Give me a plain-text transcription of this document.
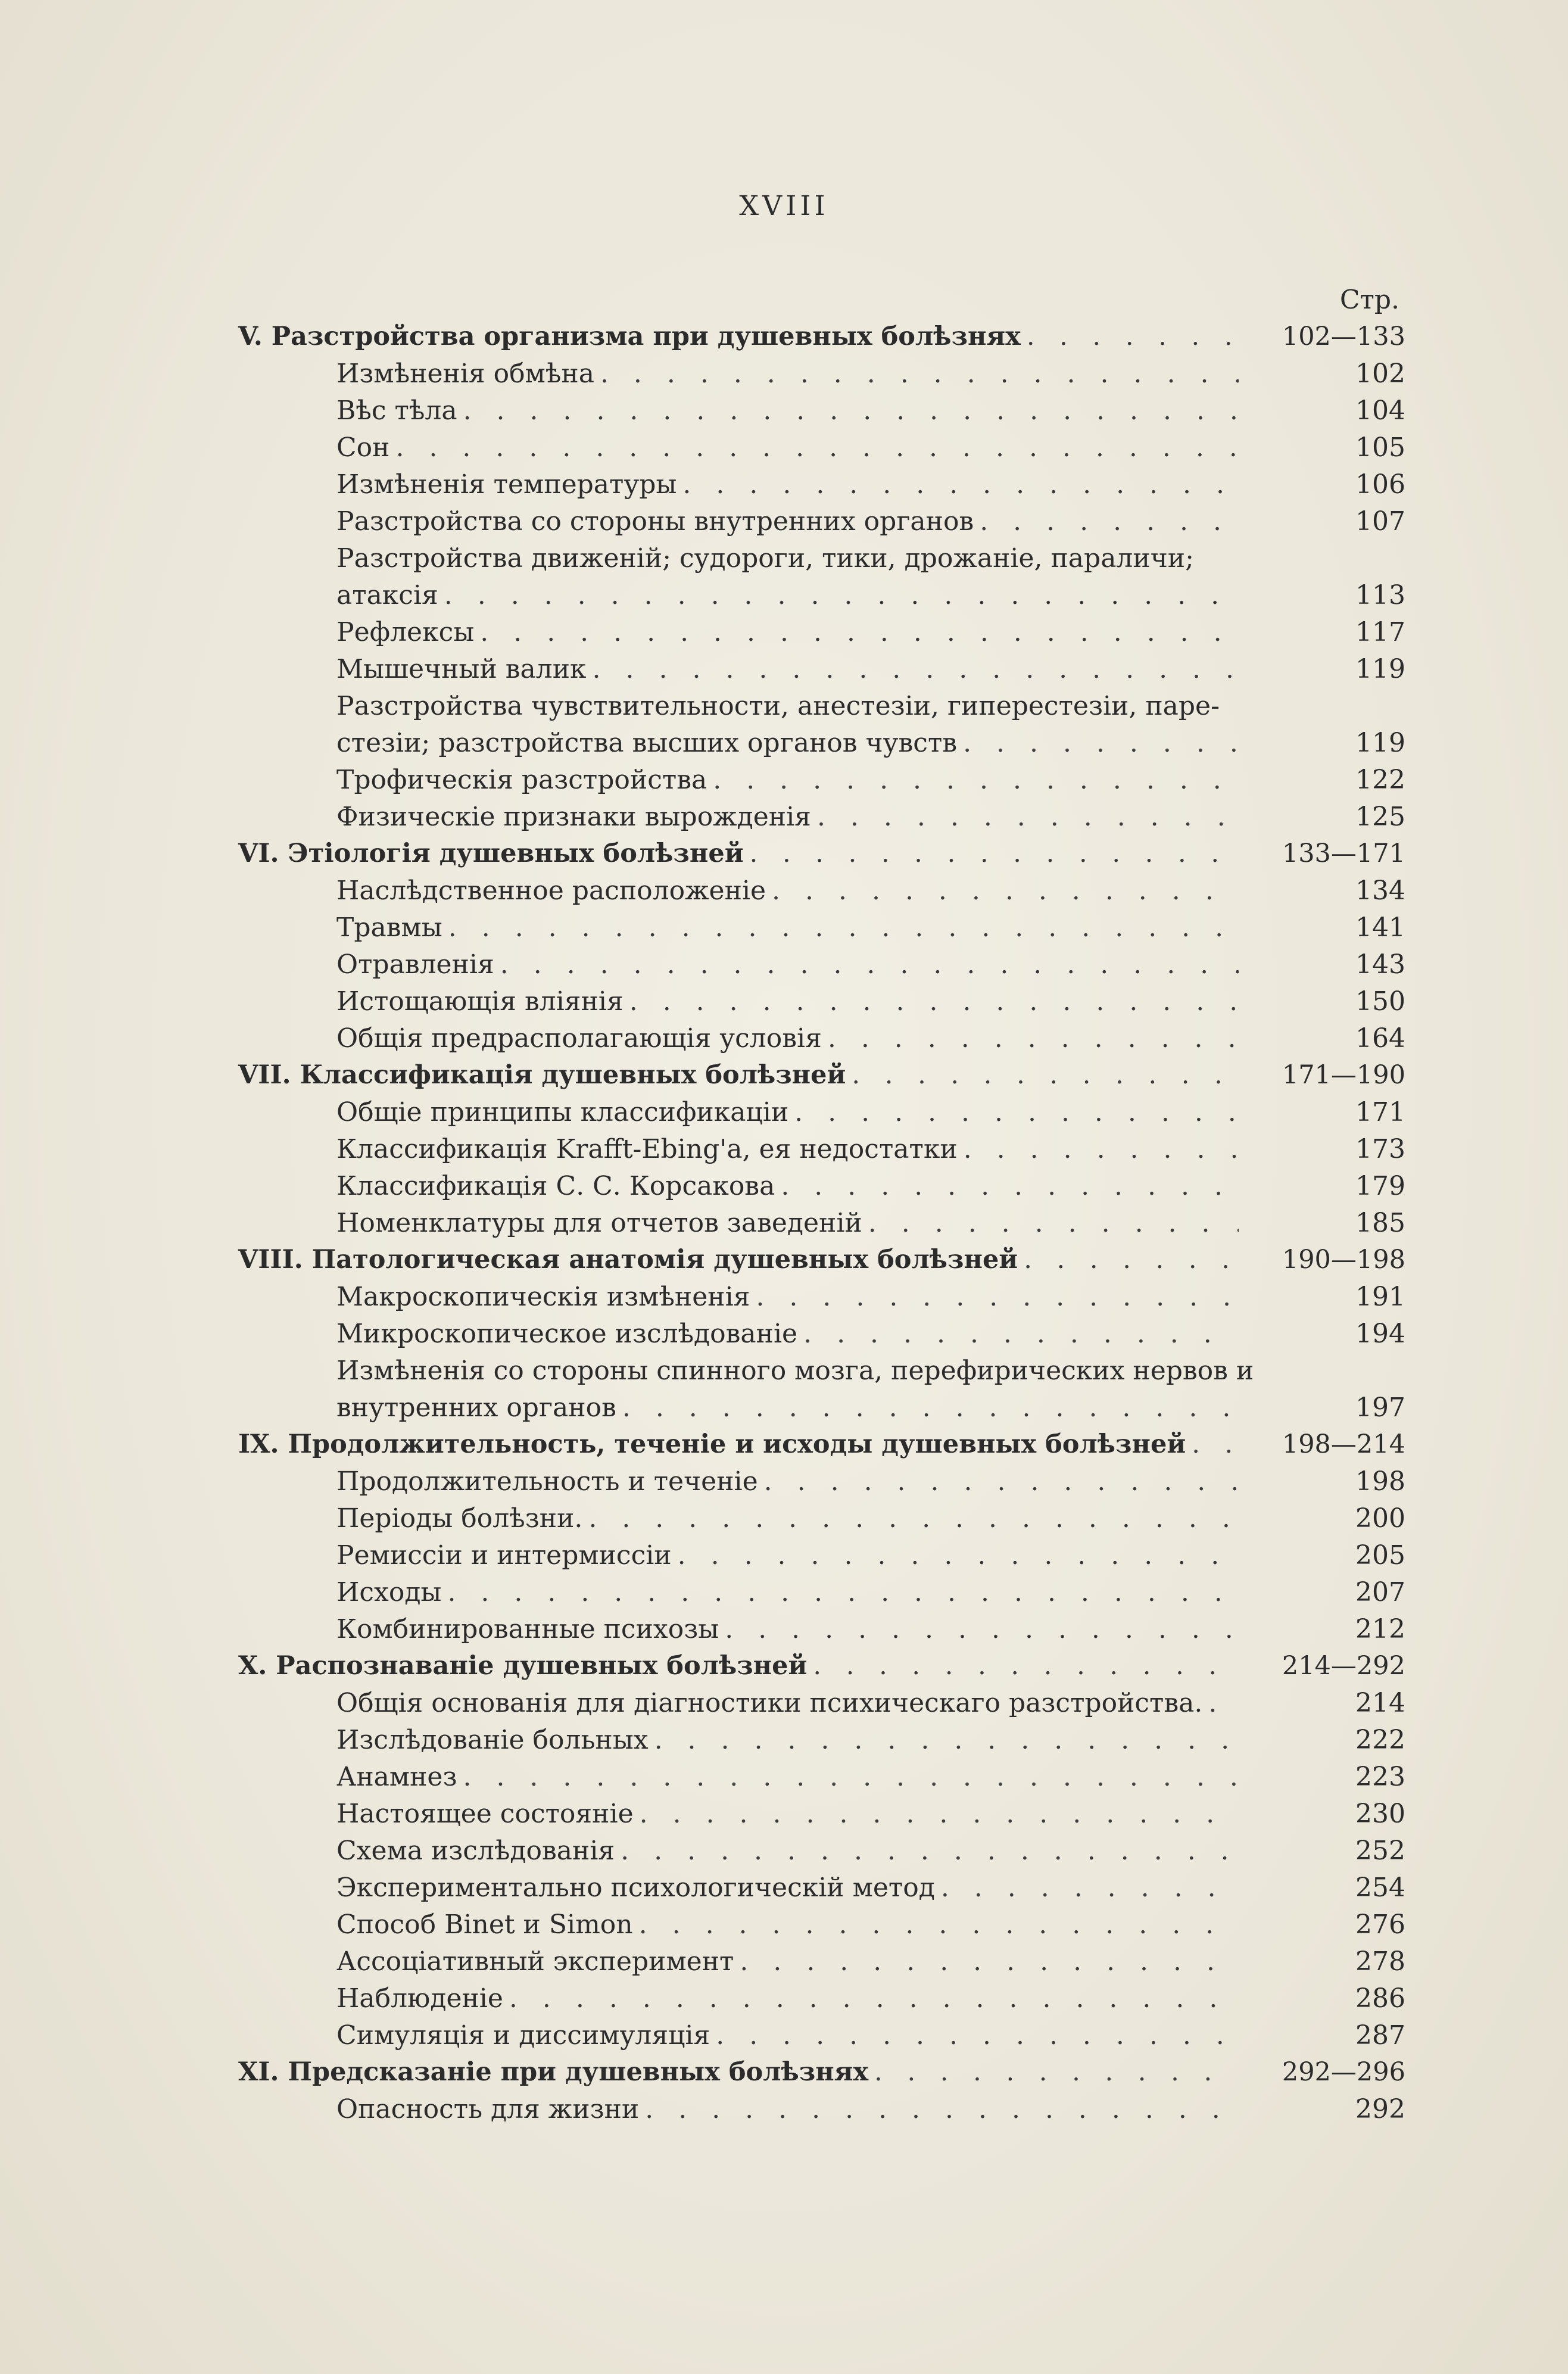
XVIII
Стр.
V. Разстройства организма при душевных болѣзнях . . .	102—133
Измѣненія обмѣна . . .	102
Вѣс тѣла . . .	104
Сон . . .	105
Измѣненія температуры . . .	106
Разстройства со стороны внутренних органов . . .	107
Разстройства движеній; судороги, тики, дрожаніе, параличи;
атаксія . . .	113
Рефлексы . . .	117
Мышечный валик . . .	119
Разстройства чувствительности, анестезіи, гиперестезіи, паре-
стезіи; разстройства высших органов чувств . . .	119
Трофическія разстройства . . .	122
Физическіе признаки вырожденія . . .	125
VI. Этіологія душевных болѣзней . . .	133—171
Наслѣдственное расположеніе . . .	134
Травмы . . .	141
Отравленія . . .	143
Истощающія вліянія . . .	150
Общія предрасполагающія условія . . .	164
VII. Классификація душевных болѣзней . . .	171—190
Общіе принципы классификаціи . . .	171
Классификація Krafft-Ebing'а, ея недостатки . . .	173
Классификація С. С. Корсакова . . .	179
Номенклатуры для отчетов заведеній . . .	185
VIII. Патологическая анатомія душевных болѣзней . . .	190—198
Макроскопическія измѣненія . . .	191
Микроскопическое изслѣдованіе . . .	194
Измѣненія со стороны спинного мозга, перефирических нервов и
внутренних органов . . .	197
IX. Продолжительность, теченіе и исходы душевных болѣзней . . .	198—214
Продолжительность и теченіе . . .	198
Періоды болѣзни. . . .	200
Ремиссіи и интермиссіи . . .	205
Исходы . . .	207
Комбинированные психозы . . .	212
X. Распознаваніе душевных болѣзней . . .	214—292
Общія основанія для діагностики психическаго разстройства. . . .	214
Изслѣдованіе больных . . .	222
Анамнез . . .	223
Настоящее состояніе . . .	230
Схема изслѣдованія . . .	252
Экспериментально психологическій метод . . .	254
Способ Binet и Simon . . .	276
Ассоціативный эксперимент . . .	278
Наблюденіе . . .	286
Симуляція и диссимуляція . . .	287
XI. Предсказаніе при душевных болѣзнях . . .	292—296
Опасность для жизни . . .	292
